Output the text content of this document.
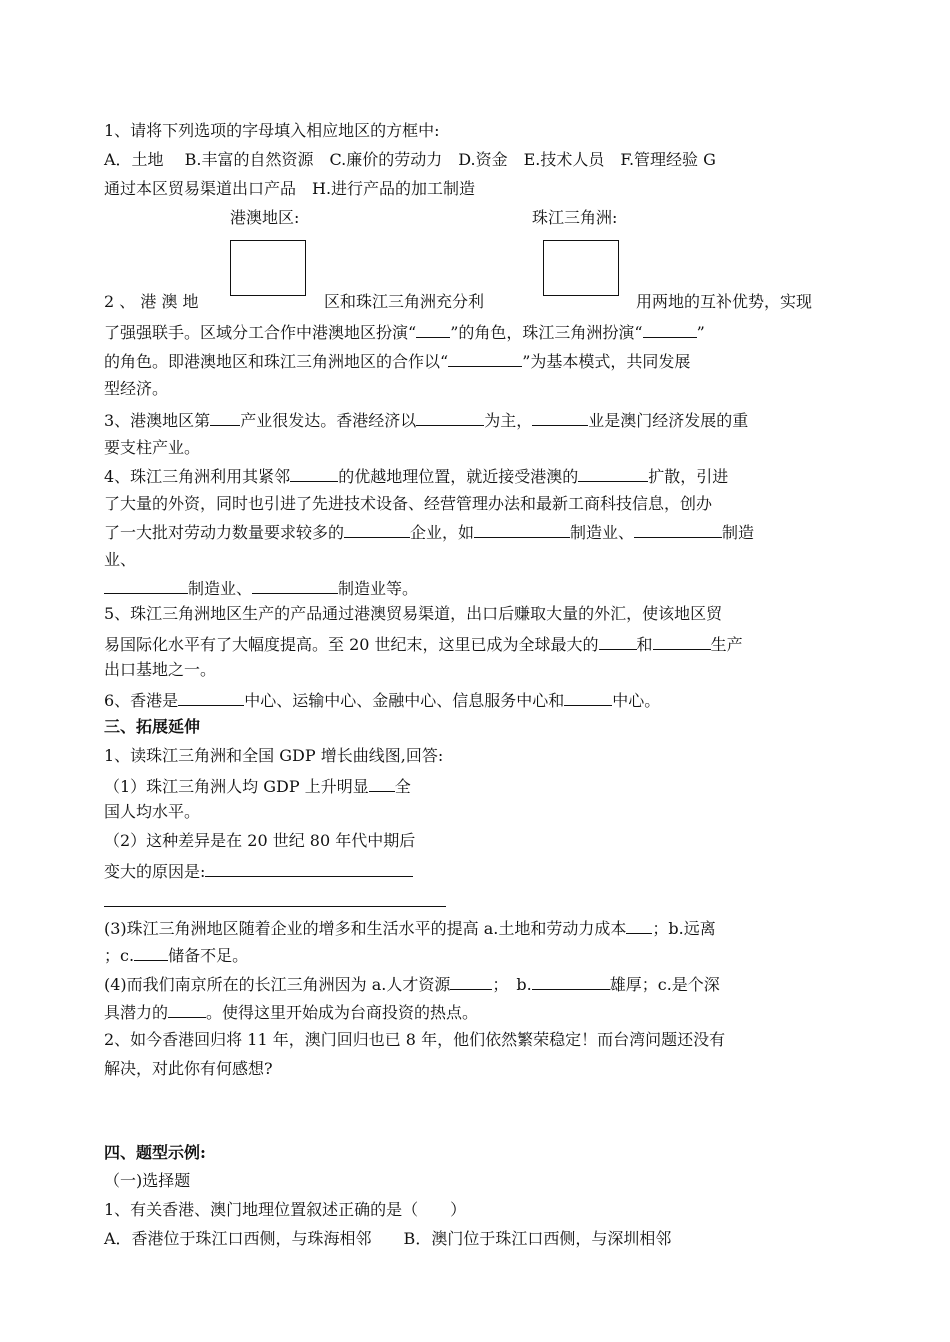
1、请将下列选项的字母填入相应地区的方框中:
A．土地　 B.丰富的自然资源　C.廉价的劳动力　D.资金　E.技术人员　F.管理经验 G
通过本区贸易渠道出口产品　H.进行产品的加工制造
港澳地区:	珠江三角洲:
2 、 港 澳 地	区和珠江三角洲充分利	用两地的互补优势，实现
了强强联手。区域分工合作中港澳地区扮演“ ”的角色，珠江三角洲扮演“	”
的角色。即港澳地区和珠江三角洲地区的合作以“	”为基本模式，共同发展
型经济。
3、港澳地区第 产业很发达。香港经济以	为主，	业是澳门经济发展的重
要支柱产业。
4、珠江三角洲利用其紧邻	的优越地理位置，就近接受港澳的	扩散，引进
了大量的外资，同时也引进了先进技术设备、经营管理办法和最新工商科技信息，创办
了一大批对劳动力数量要求较多的	企业，如	制造业、	制造
业、
制造业、	制造业等。
5、珠江三角洲地区生产的产品通过港澳贸易渠道，出口后赚取大量的外汇，使该地区贸
易国际化水平有了大幅度提高。至 20 世纪末，这里已成为全球最大的 和	生产
出口基地之一。
6、香港是	中心、运输中心、金融中心、信息服务中心和	中心。
三、拓展延伸
1、读珠江三角洲和全国 GDP 增长曲线图,回答:
（1）珠江三角洲人均 GDP 上升明显 全
国人均水平。
（2）这种差异是在 20 世纪 80 年代中期后
变大的原因是:
(3)珠江三角洲地区随着企业的增多和生活水平的提高 a.土地和劳动力成本 ；b.远离
；c. 储备不足。
(4)而我们南京所在的长江三角洲因为 a.人才资源	；　b.	雄厚；c.是个深
具潜力的 。使得这里开始成为台商投资的热点。
2、如今香港回归将 11 年，澳门回归也已 8 年，他们依然繁荣稳定！而台湾问题还没有
解决，对此你有何感想?
四、题型示例:
（一)选择题
1、有关香港、澳门地理位置叙述正确的是（　　）
A．香港位于珠江口西侧，与珠海相邻　　B．澳门位于珠江口西侧，与深圳相邻
